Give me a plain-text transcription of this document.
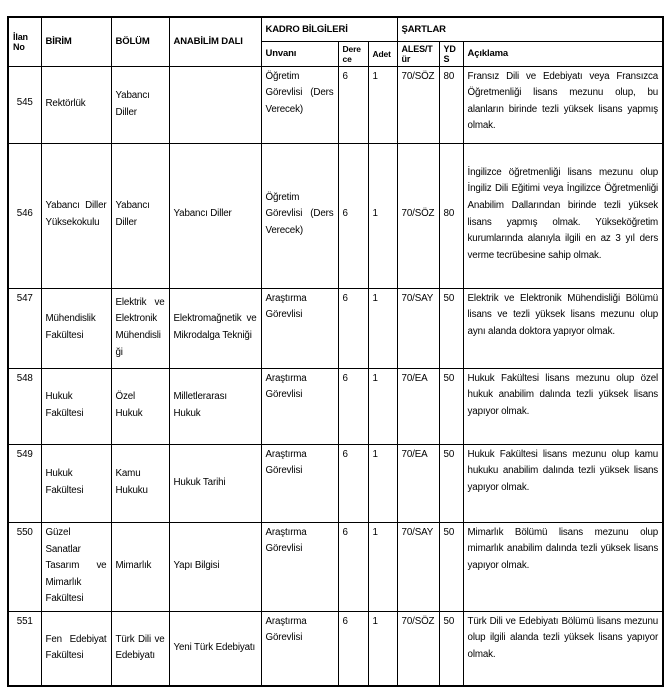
İlan No	BİRİM	BÖLÜM	ANABİLİM DALI	KADRO BİLGİLERİ			ŞARTLAR		
				Unvanı	Derece	Adet	ALES/Tür	YDS	Açıklama
545	Rektörlük	Yabancı Diller		Öğretim Görevlisi (Ders Verecek)	6	1	70/SÖZ	80	Fransız Dili ve Edebiyatı veya Fransızca Öğretmenliği lisans mezunu olup, bu alanların birinde tezli yüksek lisans yapmış olmak.
546	Yabancı Diller Yüksekokulu	Yabancı Diller	Yabancı Diller	Öğretim Görevlisi (Ders Verecek)	6	1	70/SÖZ	80	İngilizce öğretmenliği lisans mezunu olup İngiliz Dili Eğitimi veya İngilizce Öğretmenliği Anabilim Dallarından birinde tezli yüksek lisans yapmış olmak. Yükseköğretim kurumlarında alanıyla ilgili en az 3 yıl ders verme tecrübesine sahip olmak.
547	Mühendislik Fakültesi	Elektrik ve Elektronik Mühendisliği	Elektromağnetik ve Mikrodalga Tekniği	Araştırma Görevlisi	6	1	70/SAY	50	Elektrik ve Elektronik Mühendisliği Bölümü lisans ve tezli yüksek lisans mezunu olup aynı alanda doktora yapıyor olmak.
548	Hukuk Fakültesi	Özel Hukuk	Milletlerarası Hukuk	Araştırma Görevlisi	6	1	70/EA	50	Hukuk Fakültesi lisans mezunu olup özel hukuk anabilim dalında tezli yüksek lisans yapıyor olmak.
549	Hukuk Fakültesi	Kamu Hukuku	Hukuk Tarihi	Araştırma Görevlisi	6	1	70/EA	50	Hukuk Fakültesi lisans mezunu olup kamu hukuku anabilim dalında tezli yüksek lisans yapıyor olmak.
550	Güzel Sanatlar Tasarım ve Mimarlık Fakültesi	Mimarlık	Yapı Bilgisi	Araştırma Görevlisi	6	1	70/SAY	50	Mimarlık Bölümü lisans mezunu olup mimarlık anabilim dalında tezli yüksek lisans yapıyor olmak.
551	Fen Edebiyat Fakültesi	Türk Dili ve Edebiyatı	Yeni Türk Edebiyatı	Araştırma Görevlisi	6	1	70/SÖZ	50	Türk Dili ve Edebiyatı Bölümü lisans mezunu olup ilgili alanda tezli yüksek lisans yapıyor olmak.
